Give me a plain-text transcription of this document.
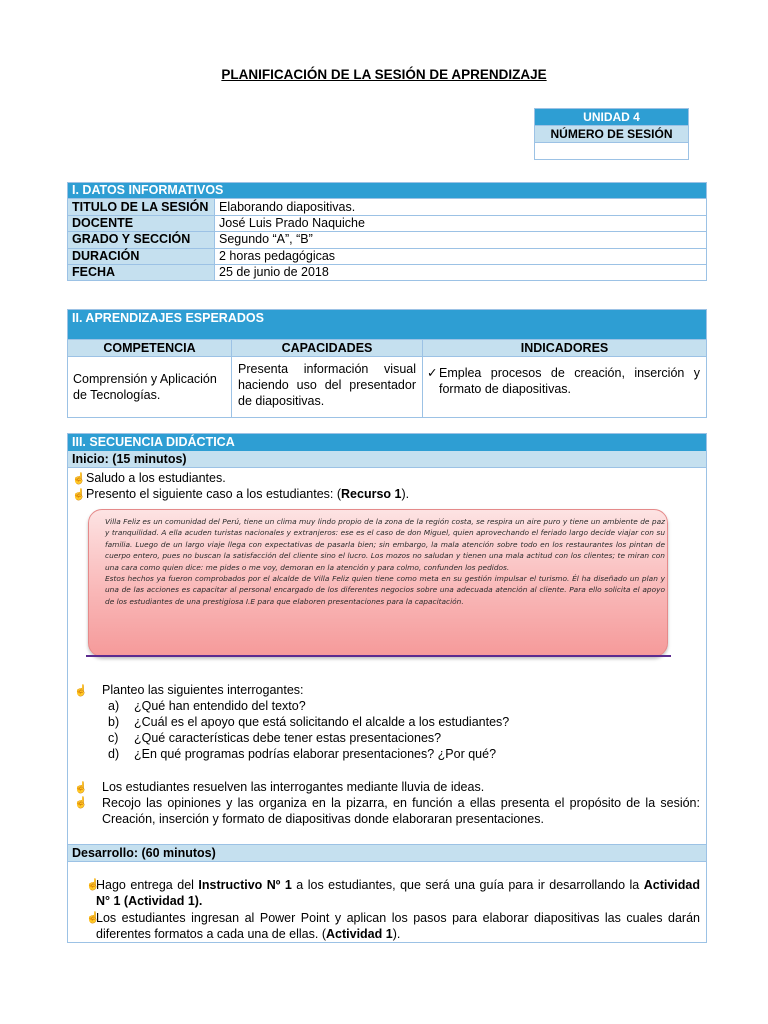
PLANIFICACIÓN DE LA SESIÓN DE APRENDIZAJE
UNIDAD 4
NÚMERO DE SESIÓN

I. DATOS INFORMATIVOS	
TITULO DE LA SESIÓN	Elaborando diapositivas.
DOCENTE	José Luis Prado Naquiche
GRADO Y SECCIÓN	Segundo “A”, “B”
DURACIÓN	2 horas pedagógicas
FECHA	25 de junio de 2018
II. APRENDIZAJES ESPERADOS		
COMPETENCIA	CAPACIDADES	INDICADORES
Comprensión y Aplicación de Tecnologías.	Presenta información visual haciendo uso del presentador de diapositivas.	✓ Emplea procesos de creación, inserción y formato de diapositivas.
III. SECUENCIA DIDÁCTICA
Inicio: (15 minutos)
☝Saludo a los estudiantes.
☝Presento el siguiente caso a los estudiantes: (Recurso 1).
Villa Feliz es un comunidad del Perú, tiene un clima muy lindo propio de la zona de la región costa, se respira un aire puro y tiene un ambiente de paz y tranquilidad. A ella acuden turistas nacionales y extranjeros: ese es el caso de don Miguel, quien aprovechando el feriado largo decide viajar con su familia. Luego de un largo viaje llega con expectativas de pasarla bien; sin embargo, la mala atención sobre todo en los restaurantes los pintan de cuerpo entero, pues no buscan la satisfacción del cliente sino el lucro. Los mozos no saludan y tienen una mala actitud con los clientes; te miran con una cara como quien dice: me pides o me voy, demoran en la atención y para colmo, confunden los pedidos.
Estos hechos ya fueron comprobados por el alcalde de Villa Feliz quien tiene como meta en su gestión impulsar el turismo. Él ha diseñado un plan y una de las acciones es capacitar al personal encargado de los diferentes negocios sobre una adecuada atención al cliente. Para ello solicita el apoyo de los estudiantes de una prestigiosa I.E para que elaboren presentaciones para la capacitación.
☝ Planteo las siguientes interrogantes:
a) ¿Qué han entendido del texto?
b) ¿Cuál es el apoyo que está solicitando el alcalde a los estudiantes?
c) ¿Qué características debe tener estas presentaciones?
d) ¿En qué programas podrías elaborar presentaciones? ¿Por qué?
☝ Los estudiantes resuelven las interrogantes mediante lluvia de ideas.
☝	Recojo las opiniones y las organiza en la pizarra, en función a ellas presenta el propósito de la sesión: Creación, inserción y formato de diapositivas donde elaboraran presentaciones.
Desarrollo: (60 minutos)
☝
Hago entrega del Instructivo Nº 1 a los estudiantes, que será una guía para ir desarrollando la Actividad N° 1 (Actividad 1).
☝
Los estudiantes ingresan al Power Point y aplican los pasos para elaborar diapositivas las cuales darán diferentes formatos a cada una de ellas. (Actividad 1).
